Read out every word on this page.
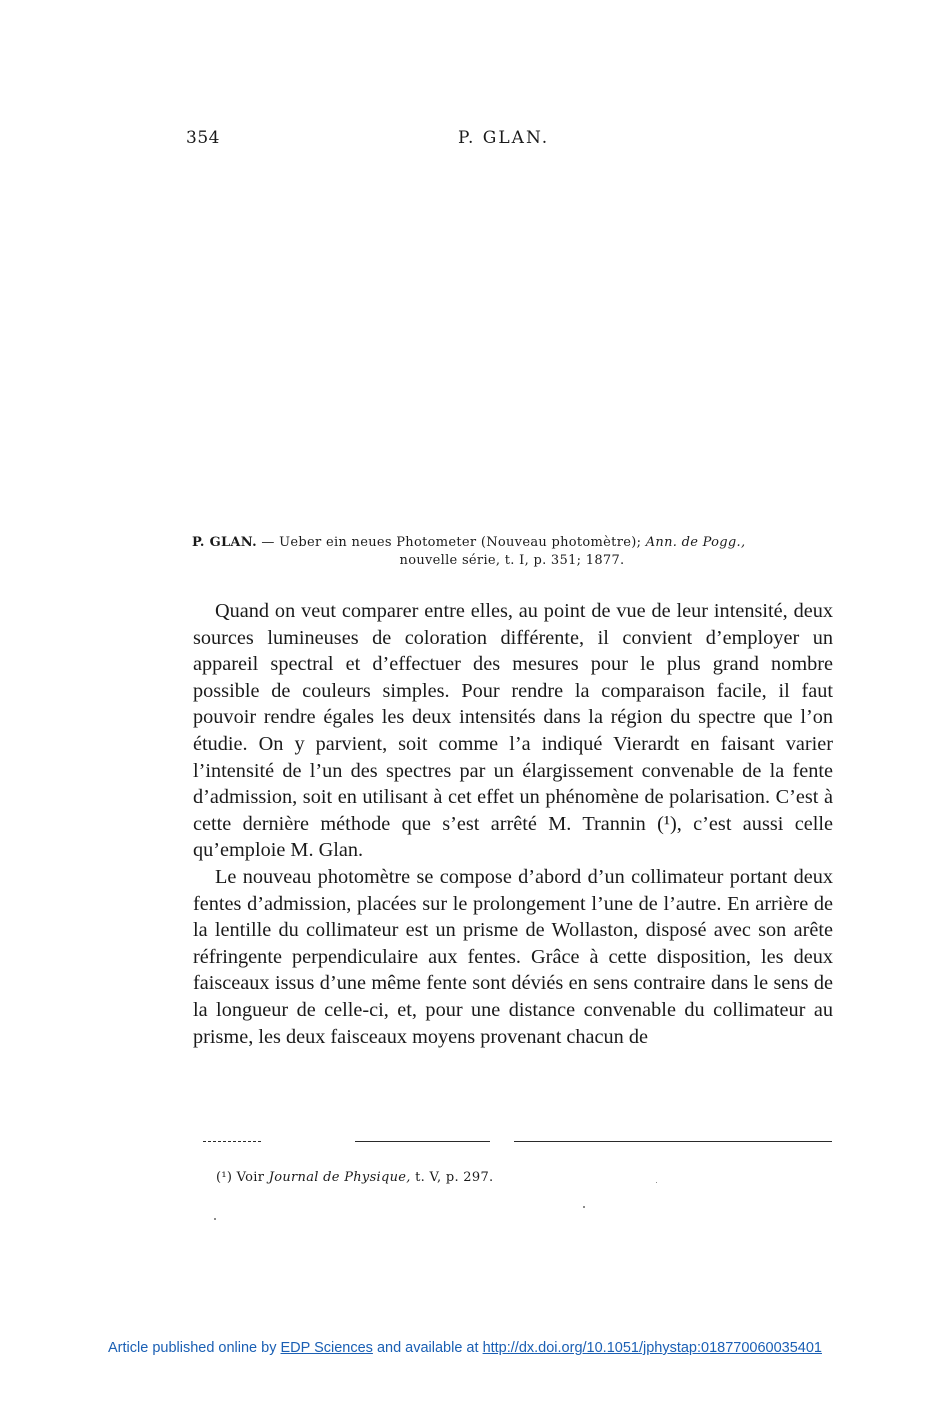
354	P. GLAN.
P. GLAN. — Ueber ein neues Photometer (Nouveau photomètre); Ann. de Pogg.,
nouvelle série, t. I, p. 351; 1877.

Quand on veut comparer entre elles, au point de vue de leur intensité, deux sources lumineuses de coloration différente, il convient d’employer un appareil spectral et d’effectuer des mesures pour le plus grand nombre possible de couleurs simples. Pour rendre la comparaison facile, il faut pouvoir rendre égales les deux intensités dans la région du spectre que l’on étudie. On y parvient, soit comme l’a indiqué Vierardt en faisant varier l’intensité de l’un des spectres par un élargissement convenable de la fente d’admission, soit en utilisant à cet effet un phénomène de polarisation. C’est à cette dernière méthode que s’est arrêté M. Trannin (¹), c’est aussi celle qu’emploie M. Glan.

Le nouveau photomètre se compose d’abord d’un collimateur portant deux fentes d’admission, placées sur le prolongement l’une de l’autre. En arrière de la lentille du collimateur est un prisme de Wollaston, disposé avec son arête réfringente perpendiculaire aux fentes. Grâce à cette disposition, les deux faisceaux issus d’une même fente sont déviés en sens contraire dans le sens de la longueur de celle-ci, et, pour une distance convenable du collimateur au prisme, les deux faisceaux moyens provenant chacun de

(¹) Voir Journal de Physique, t. V, p. 297.
Article published online by EDP Sciences and available at http://dx.doi.org/10.1051/jphystap:018770060035401
